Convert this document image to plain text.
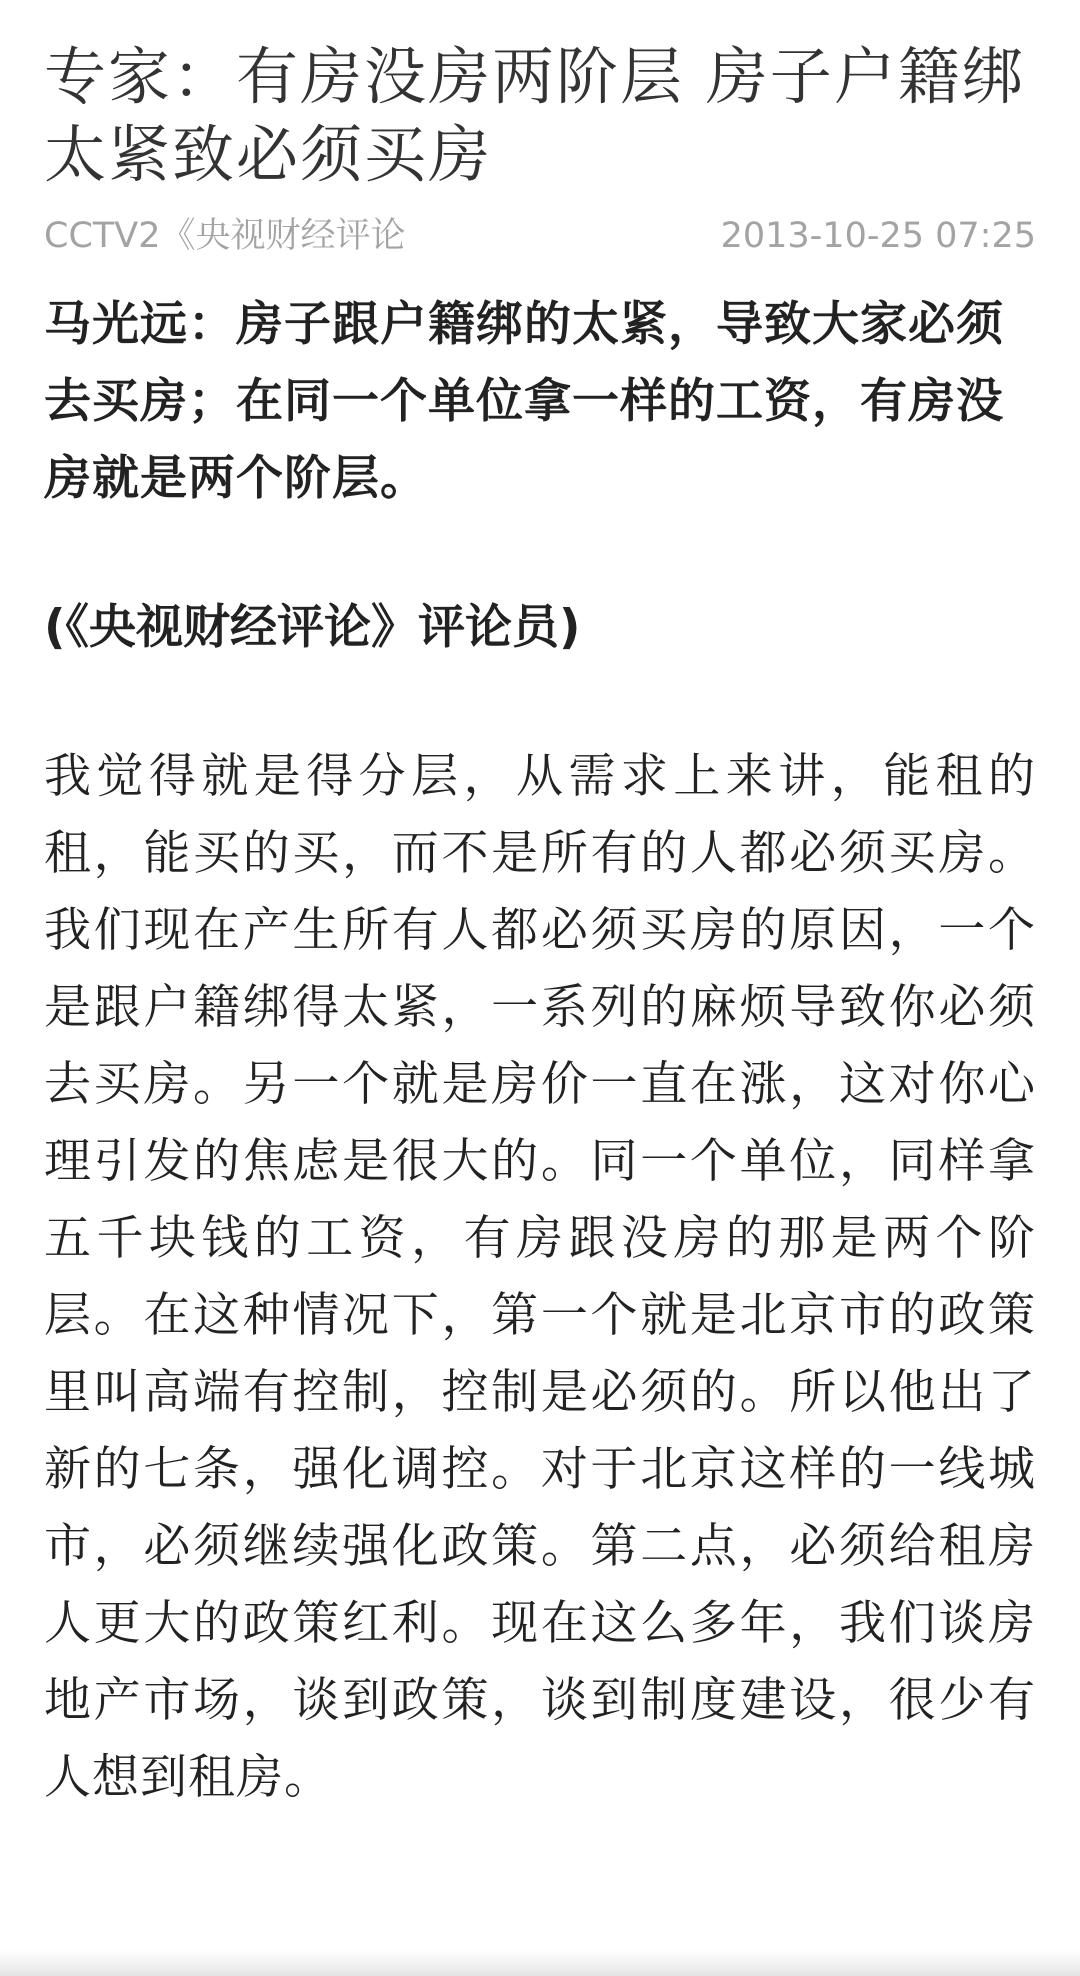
专家：有房没房两阶层 房子户籍绑太紧致必须买房
CCTV2《央视财经评论	2013-10-25 07:25
马光远：房子跟户籍绑的太紧，导致大家必须去买房；在同一个单位拿一样的工资，有房没房就是两个阶层。
(《央视财经评论》评论员)
我觉得就是得分层，从需求上来讲，能租的租，能买的买，而不是所有的人都必须买房。我们现在产生所有人都必须买房的原因，一个是跟户籍绑得太紧，一系列的麻烦导致你必须去买房。另一个就是房价一直在涨，这对你心理引发的焦虑是很大的。同一个单位，同样拿五千块钱的工资，有房跟没房的那是两个阶层。在这种情况下，第一个就是北京市的政策里叫高端有控制，控制是必须的。所以他出了新的七条，强化调控。对于北京这样的一线城市，必须继续强化政策。第二点，必须给租房人更大的政策红利。现在这么多年，我们谈房地产市场，谈到政策，谈到制度建设，很少有人想到租房。
